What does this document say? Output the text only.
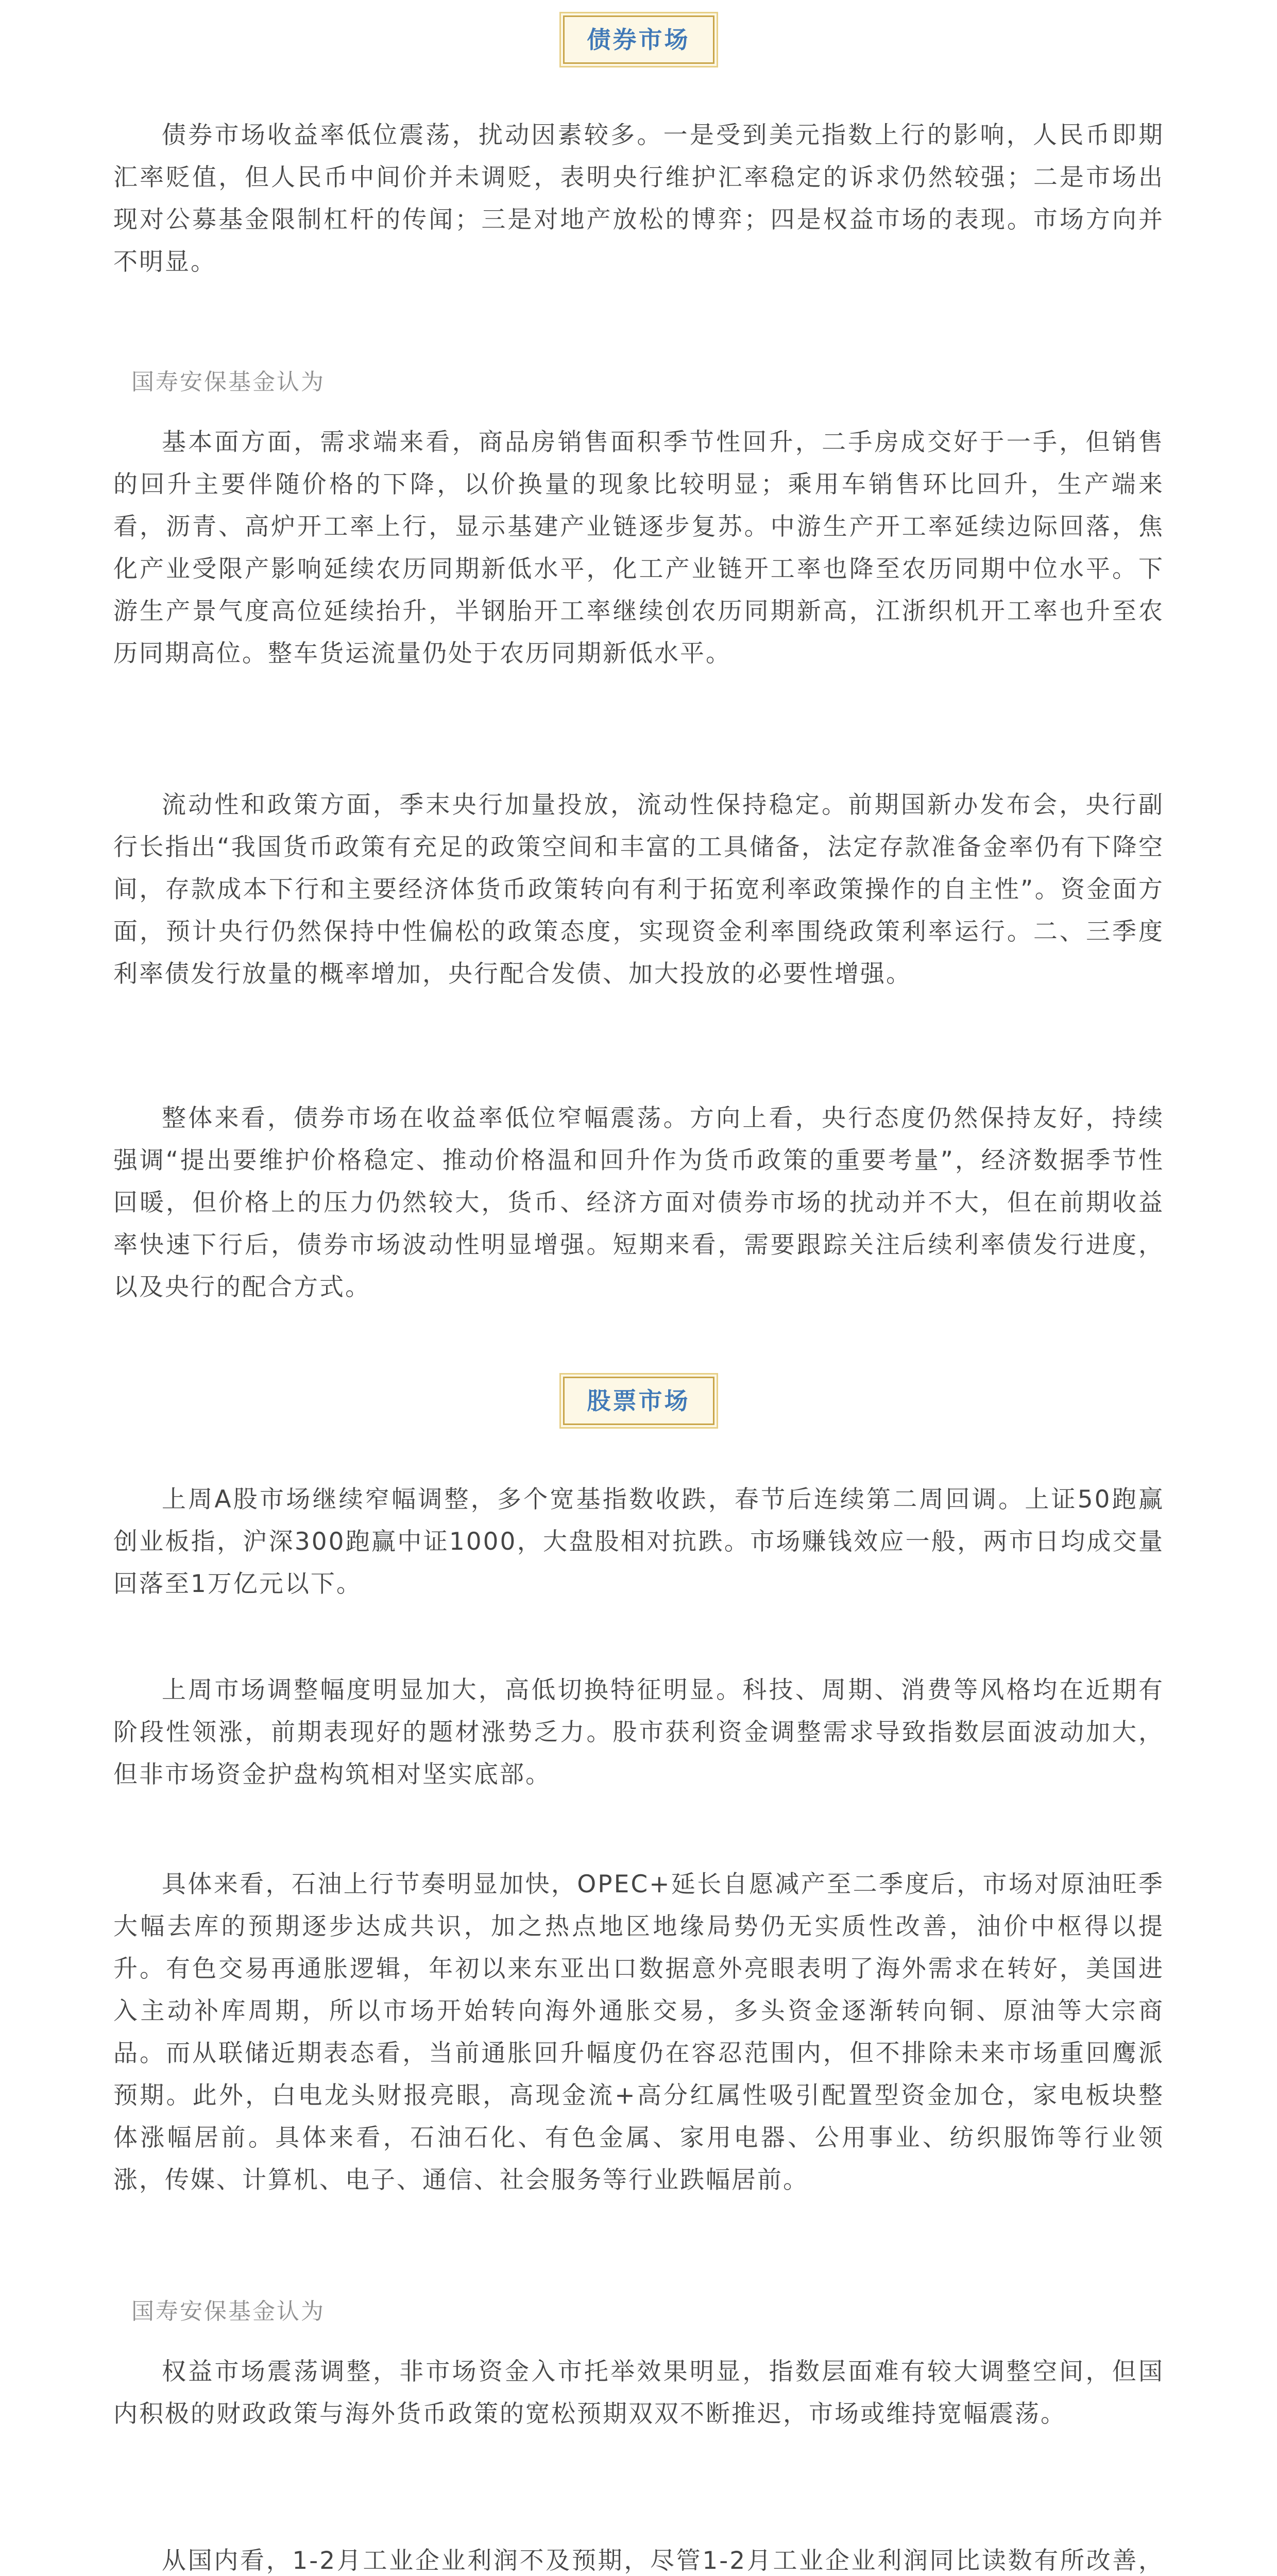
债券市场

债券市场收益率低位震荡，扰动因素较多。一是受到美元指数上行的影响，人民币即期汇率贬值，但人民币中间价并未调贬，表明央行维护汇率稳定的诉求仍然较强；二是市场出现对公募基金限制杠杆的传闻；三是对地产放松的博弈；四是权益市场的表现。市场方向并不明显。

国寿安保基金认为

基本面方面，需求端来看，商品房销售面积季节性回升，二手房成交好于一手，但销售的回升主要伴随价格的下降，以价换量的现象比较明显；乘用车销售环比回升，生产端来看，沥青、高炉开工率上行，显示基建产业链逐步复苏。中游生产开工率延续边际回落，焦化产业受限产影响延续农历同期新低水平，化工产业链开工率也降至农历同期中位水平。下游生产景气度高位延续抬升，半钢胎开工率继续创农历同期新高，江浙织机开工率也升至农历同期高位。整车货运流量仍处于农历同期新低水平。

流动性和政策方面，季末央行加量投放，流动性保持稳定。前期国新办发布会，央行副行长指出“我国货币政策有充足的政策空间和丰富的工具储备，法定存款准备金率仍有下降空间，存款成本下行和主要经济体货币政策转向有利于拓宽利率政策操作的自主性”。资金面方面，预计央行仍然保持中性偏松的政策态度，实现资金利率围绕政策利率运行。二、三季度利率债发行放量的概率增加，央行配合发债、加大投放的必要性增强。

整体来看，债券市场在收益率低位窄幅震荡。方向上看，央行态度仍然保持友好，持续强调“提出要维护价格稳定、推动价格温和回升作为货币政策的重要考量”，经济数据季节性回暖，但价格上的压力仍然较大，货币、经济方面对债券市场的扰动并不大，但在前期收益率快速下行后，债券市场波动性明显增强。短期来看，需要跟踪关注后续利率债发行进度，以及央行的配合方式。

股票市场

上周A股市场继续窄幅调整，多个宽基指数收跌，春节后连续第二周回调。上证50跑赢创业板指，沪深300跑赢中证1000，大盘股相对抗跌。市场赚钱效应一般，两市日均成交量回落至1万亿元以下。

上周市场调整幅度明显加大，高低切换特征明显。科技、周期、消费等风格均在近期有阶段性领涨，前期表现好的题材涨势乏力。股市获利资金调整需求导致指数层面波动加大，但非市场资金护盘构筑相对坚实底部。

具体来看，石油上行节奏明显加快，OPEC+延长自愿减产至二季度后，市场对原油旺季大幅去库的预期逐步达成共识，加之热点地区地缘局势仍无实质性改善，油价中枢得以提升。有色交易再通胀逻辑，年初以来东亚出口数据意外亮眼表明了海外需求在转好，美国进入主动补库周期，所以市场开始转向海外通胀交易，多头资金逐渐转向铜、原油等大宗商品。而从联储近期表态看，当前通胀回升幅度仍在容忍范围内，但不排除未来市场重回鹰派预期。此外，白电龙头财报亮眼，高现金流+高分红属性吸引配置型资金加仓，家电板块整体涨幅居前。具体来看，石油石化、有色金属、家用电器、公用事业、纺织服饰等行业领涨，传媒、计算机、电子、通信、社会服务等行业跌幅居前。

国寿安保基金认为

权益市场震荡调整，非市场资金入市托举效果明显，指数层面难有较大调整空间，但国内积极的财政政策与海外货币政策的宽松预期双双不断推迟，市场或维持宽幅震荡。

从国内看，1-2月工业企业利润不及预期，尽管1-2月工业企业利润同比读数有所改善，
